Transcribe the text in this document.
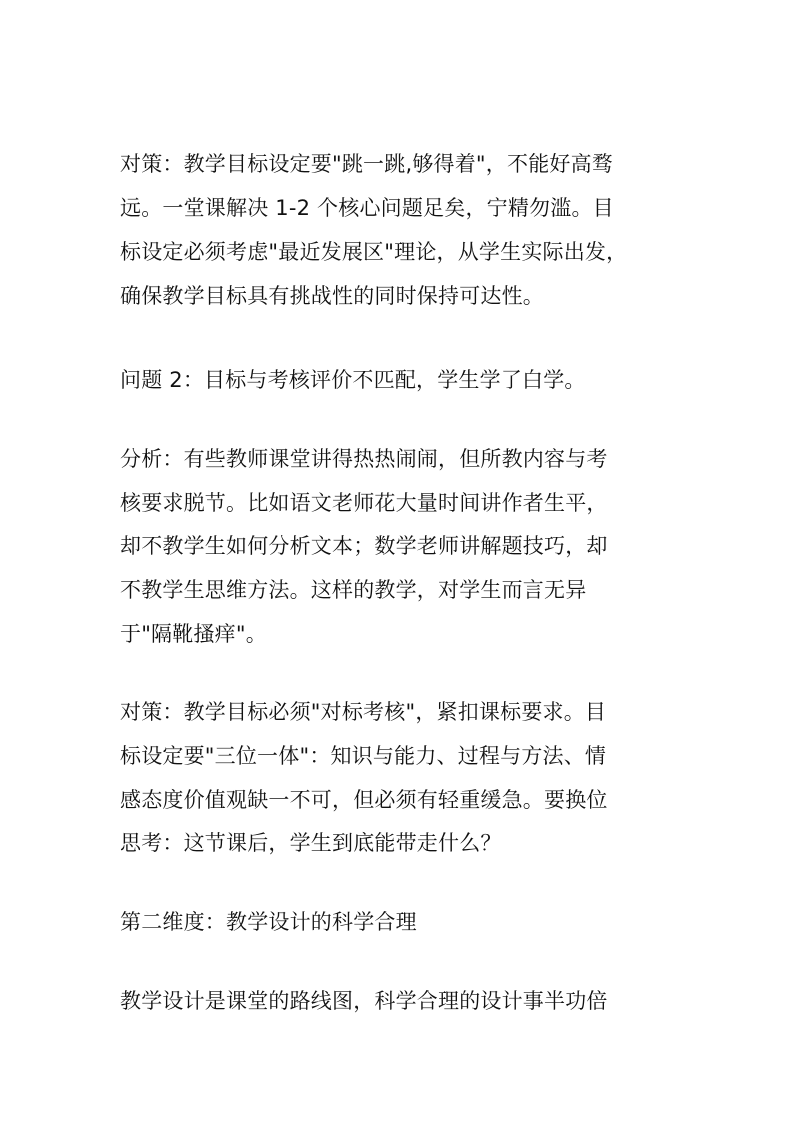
对策：教学目标设定要"跳一跳,够得着"，不能好高骛
远。一堂课解决 1-2 个核心问题足矣，宁精勿滥。目
标设定必须考虑"最近发展区"理论，从学生实际出发，
确保教学目标具有挑战性的同时保持可达性。
问题 2：目标与考核评价不匹配，学生学了白学。
分析：有些教师课堂讲得热热闹闹，但所教内容与考
核要求脱节。比如语文老师花大量时间讲作者生平，
却不教学生如何分析文本；数学老师讲解题技巧，却
不教学生思维方法。这样的教学，对学生而言无异
于"隔靴搔痒"。
对策：教学目标必须"对标考核"，紧扣课标要求。目
标设定要"三位一体"：知识与能力、过程与方法、情
感态度价值观缺一不可，但必须有轻重缓急。要换位
思考：这节课后，学生到底能带走什么？
第二维度：教学设计的科学合理
教学设计是课堂的路线图，科学合理的设计事半功倍
